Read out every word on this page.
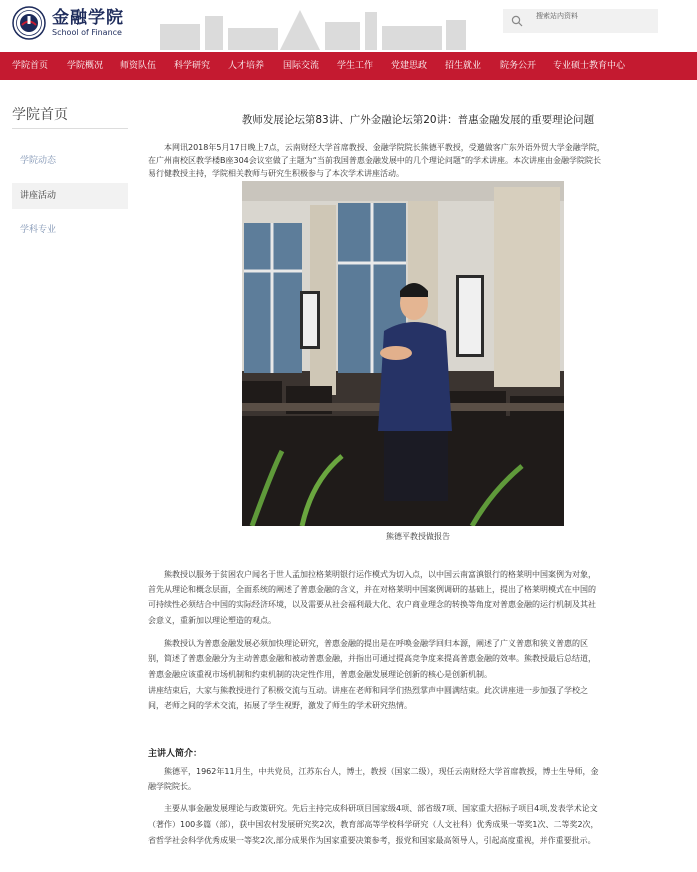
金融学院
School of Finance
搜索站内资料
学院首页 学院概况 师资队伍 科学研究 人才培养 国际交流 学生工作 党建思政 招生就业 院务公开 专业硕士教育中心
学院首页
学院动态
讲座活动
学科专业
教师发展论坛第83讲、广外金融论坛第20讲：普惠金融发展的重要理论问题
本网讯2018年5月17日晚上7点，云南财经大学首席教授、金融学院院长熊德平教授，受邀做客广东外语外贸大学金融学院，
在广州南校区教学楼B座304会议室做了主题为“当前我国普惠金融发展中的几个理论问题”的学术讲座。本次讲座由金融学院院长
易行健教授主持，学院相关教师与研究生积极参与了本次学术讲座活动。
熊德平教授做报告
熊教授以服务于贫困农户闻名于世人孟加拉格莱明银行运作模式为切入点，以中国云南富滇银行的格莱明中国案例为对象，
首先从理论和概念层面，全面系统的阐述了普惠金融的含义，并在对格莱明中国案例调研的基础上，提出了格莱明模式在中国的
可持续性必须结合中国的实际经济环境，以及需要从社会福利最大化、农户商业理念的转换等角度对普惠金融的运行机制及其社
会意义，重新加以理论塑造的观点。
熊教授认为普惠金融发展必须加快理论研究，普惠金融的提出是在呼唤金融学回归本源，阐述了广义普惠和狭义普惠的区
别，简述了普惠金融分为主动普惠金融和被动普惠金融，并指出可通过提高竞争度来提高普惠金融的效率。熊教授最后总结道，
普惠金融应该重视市场机制和约束机制的决定性作用，普惠金融发展理论创新的核心是创新机制。
讲座结束后，大家与熊教授进行了积极交流与互动。讲座在老师和同学们热烈掌声中圆满结束。此次讲座进一步加强了学校之
间，老师之间的学术交流，拓展了学生视野，激发了师生的学术研究热情。
主讲人简介：
熊德平，1962年11月生，中共党员，江苏东台人，博士，教授（国家二级），现任云南财经大学首席教授，博士生导师，金
融学院院长。
主要从事金融发展理论与政策研究。先后主持完成科研项目国家级4项、部省级7项、国家重大招标子项目4项,发表学术论文
（著作）100多篇（部），获中国农村发展研究奖2次，教育部高等学校科学研究（人文社科）优秀成果一等奖1次、二等奖2次，
省哲学社会科学优秀成果一等奖2次,部分成果作为国家重要决策参考，报党和国家最高领导人，引起高度重视，并作重要批示。
